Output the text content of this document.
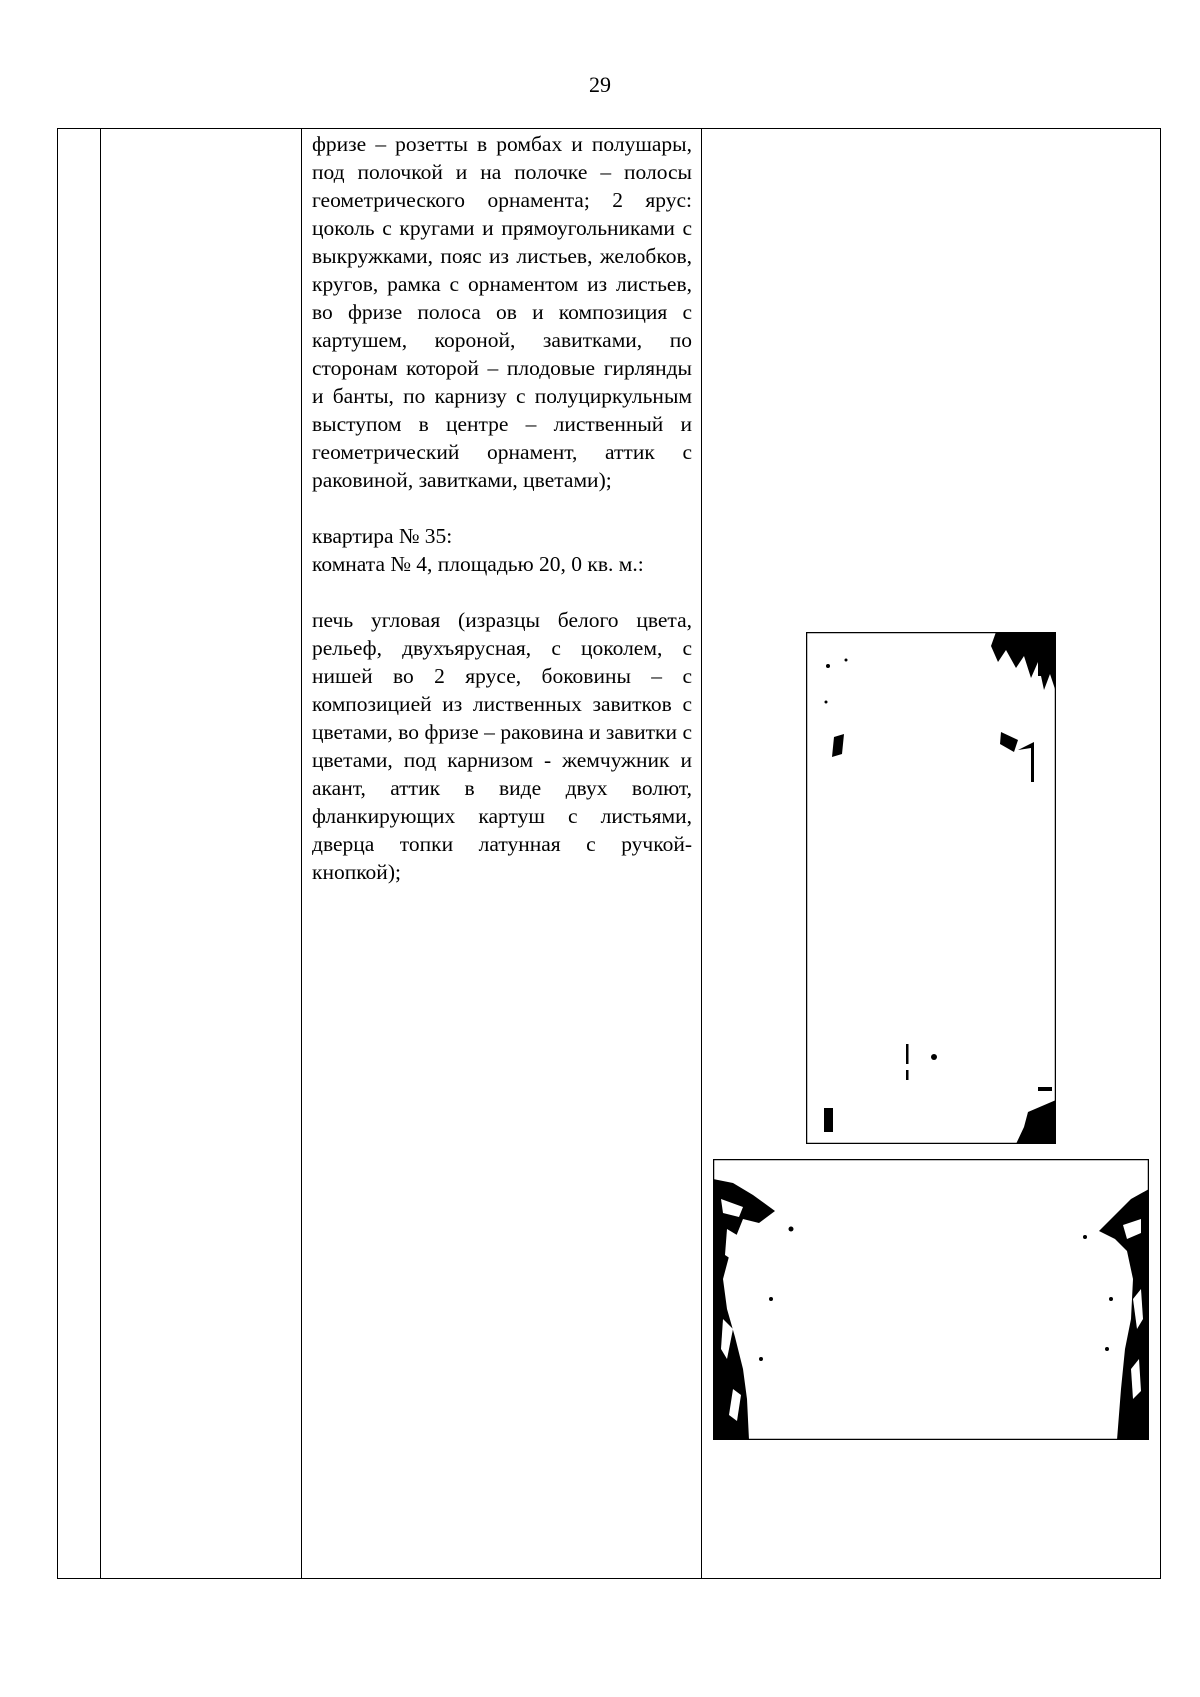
29

фризе – розетты в ромбах и полушары, под полочкой и на полочке – полосы геометрического орнамента; 2 ярус: цоколь с кругами и прямоугольниками с выкружками, пояс из листьев, желобков, кругов, рамка с орнаментом из листьев, во фризе полоса ов и композиция с картушем, короной, завитками, по сторонам которой – плодовые гирлянды и банты, по карнизу с полуциркульным выступом в центре – лиственный и геометрический орнамент, аттик с раковиной, завитками, цветами);

квартира № 35:

комната № 4, площадью 20, 0 кв. м.:

печь угловая (изразцы белого цвета, рельеф, двухъярусная, с цоколем, с нишей во 2 ярусе, боковины – с композицией из лиственных завитков с цветами, во фризе – раковина и завитки с цветами, под карнизом - жемчужник и акант, аттик в виде двух волют, фланкирующих картуш с листьями, дверца топки латунная с ручкой-кнопкой);
